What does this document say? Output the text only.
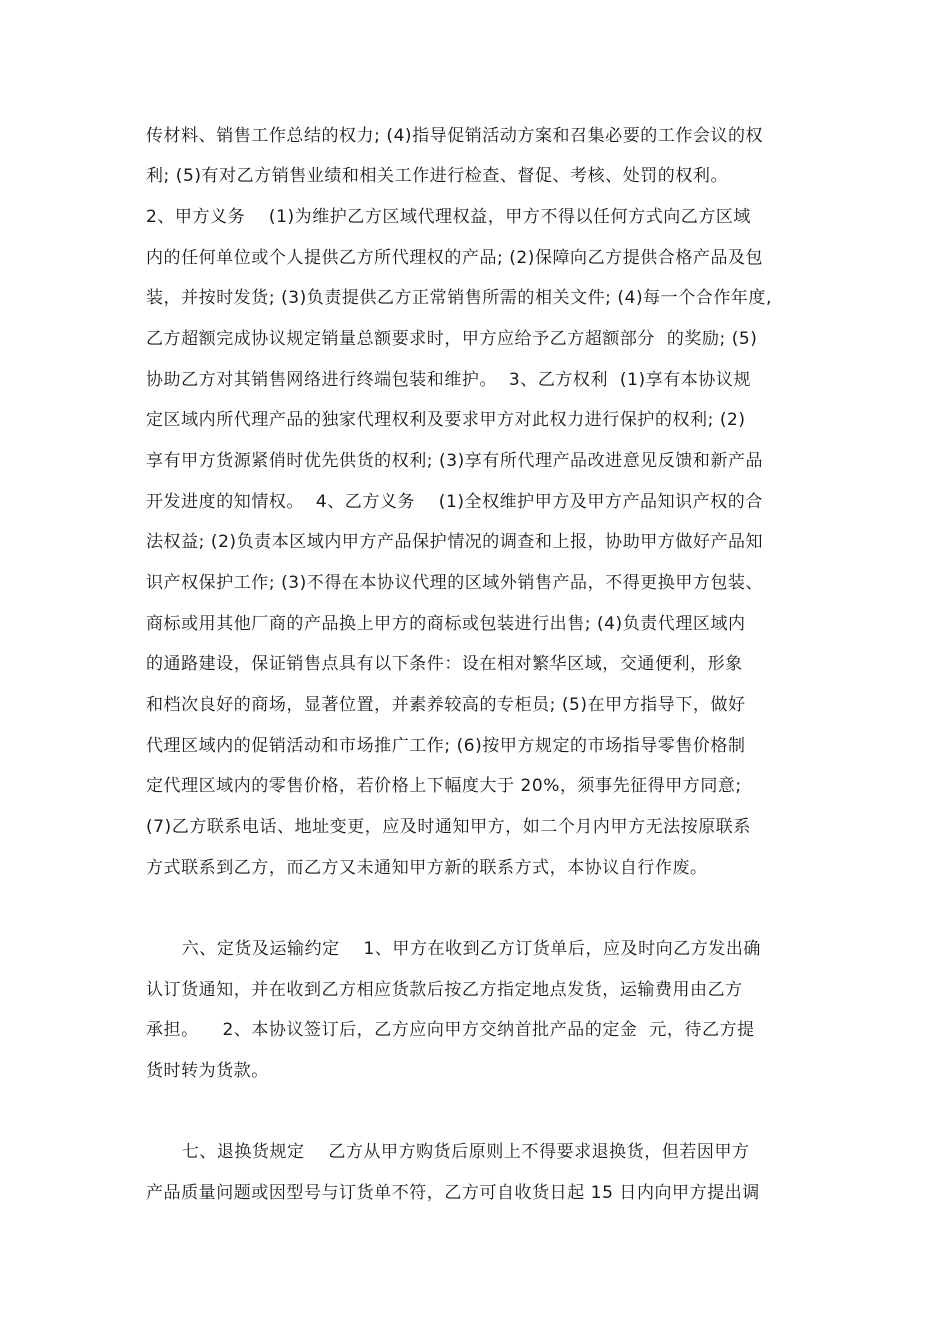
传材料、销售工作总结的权力; (4)指导促销活动方案和召集必要的工作会议的权
利; (5)有对乙方销售业绩和相关工作进行检查、督促、考核、处罚的权利。
2、甲方义务    (1)为维护乙方区域代理权益，甲方不得以任何方式向乙方区域
内的任何单位或个人提供乙方所代理权的产品; (2)保障向乙方提供合格产品及包
装，并按时发货; (3)负责提供乙方正常销售所需的相关文件; (4)每一个合作年度,
乙方超额完成协议规定销量总额要求时，甲方应给予乙方超额部分  的奖励; (5)
协助乙方对其销售网络进行终端包装和维护。  3、乙方权利  (1)享有本协议规
定区域内所代理产品的独家代理权利及要求甲方对此权力进行保护的权利; (2)
享有甲方货源紧俏时优先供货的权利; (3)享有所代理产品改进意见反馈和新产品
开发进度的知情权。  4、乙方义务    (1)全权维护甲方及甲方产品知识产权的合
法权益; (2)负责本区域内甲方产品保护情况的调查和上报，协助甲方做好产品知
识产权保护工作; (3)不得在本协议代理的区域外销售产品，不得更换甲方包装、
商标或用其他厂商的产品换上甲方的商标或包装进行出售; (4)负责代理区域内
的通路建设，保证销售点具有以下条件：设在相对繁华区域，交通便利，形象
和档次良好的商场，显著位置，并素养较高的专柜员; (5)在甲方指导下，做好
代理区域内的促销活动和市场推广工作; (6)按甲方规定的市场指导零售价格制
定代理区域内的零售价格，若价格上下幅度大于 20%，须事先征得甲方同意;
(7)乙方联系电话、地址变更，应及时通知甲方，如二个月内甲方无法按原联系
方式联系到乙方，而乙方又未通知甲方新的联系方式，本协议自行作废。
六、定货及运输约定    1、甲方在收到乙方订货单后，应及时向乙方发出确
认订货通知，并在收到乙方相应货款后按乙方指定地点发货，运输费用由乙方
承担。    2、本协议签订后，乙方应向甲方交纳首批产品的定金  元，待乙方提
货时转为货款。
七、退换货规定    乙方从甲方购货后原则上不得要求退换货，但若因甲方
产品质量问题或因型号与订货单不符，乙方可自收货日起 15 日内向甲方提出调
